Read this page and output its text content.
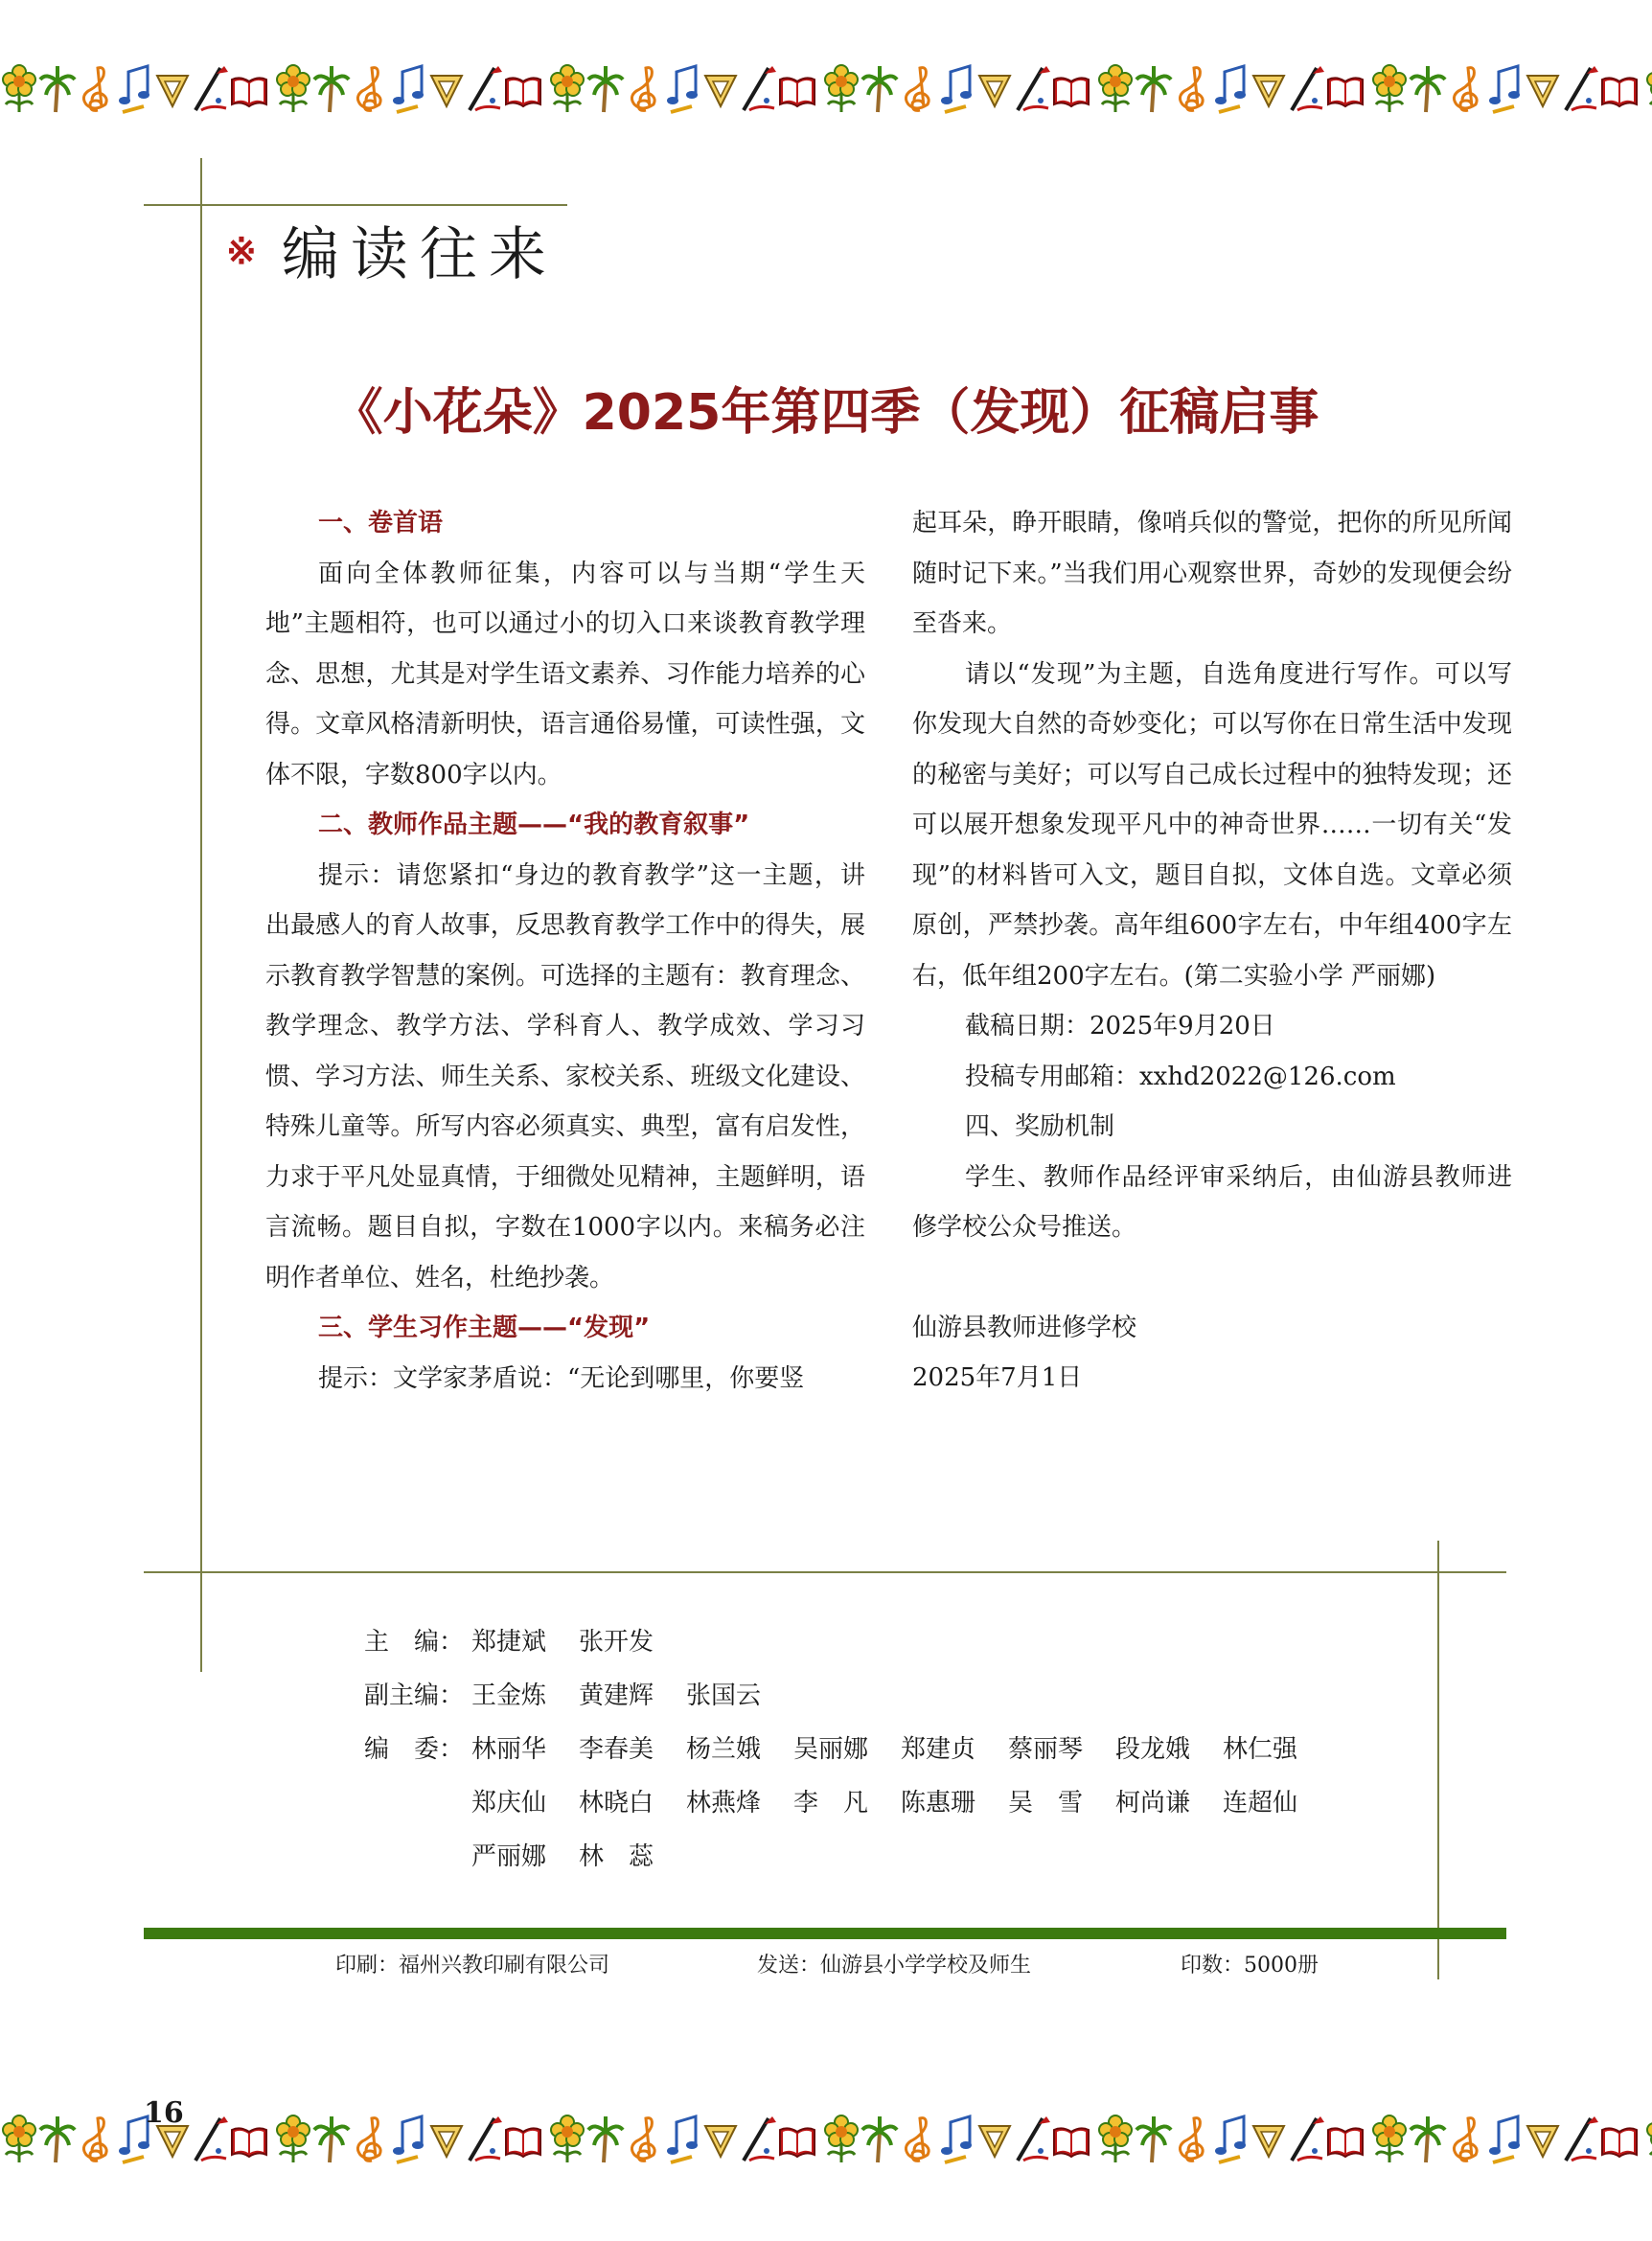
※ 编读往来
《小花朵》2025年第四季（发现）征稿启事

一、卷首语

面向全体教师征集，内容可以与当期“学生天地”主题相符，也可以通过小的切入口来谈教育教学理念、思想，尤其是对学生语文素养、习作能力培养的心得。文章风格清新明快，语言通俗易懂，可读性强，文体不限，字数800字以内。

二、教师作品主题——“我的教育叙事”

提示：请您紧扣“身边的教育教学”这一主题，讲出最感人的育人故事，反思教育教学工作中的得失，展示教育教学智慧的案例。可选择的主题有：教育理念、教学理念、教学方法、学科育人、教学成效、学习习惯、学习方法、师生关系、家校关系、班级文化建设、特殊儿童等。所写内容必须真实、典型，富有启发性，力求于平凡处显真情，于细微处见精神，主题鲜明，语言流畅。题目自拟，字数在1000字以内。来稿务必注明作者单位、姓名，杜绝抄袭。

三、学生习作主题——“发现”

提示：文学家茅盾说：“无论到哪里，你要竖

起耳朵，睁开眼睛，像哨兵似的警觉，把你的所见所闻随时记下来。”当我们用心观察世界，奇妙的发现便会纷至沓来。

请以“发现”为主题，自选角度进行写作。可以写你发现大自然的奇妙变化；可以写你在日常生活中发现的秘密与美好；可以写自己成长过程中的独特发现；还可以展开想象发现平凡中的神奇世界……一切有关“发现”的材料皆可入文，题目自拟，文体自选。文章必须原创，严禁抄袭。高年组600字左右，中年组400字左右，低年组200字左右。(第二实验小学 严丽娜)

截稿日期：2025年9月20日

投稿专用邮箱：xxhd2022@126.com

四、奖励机制

学生、教师作品经评审采纳后，由仙游县教师进修学校公众号推送。

仙游县教师进修学校

2025年7月1日

主　编： 郑捷斌	张开发
副主编： 王金炼	黄建辉	张国云
编　委： 林丽华	李春美	杨兰娥	吴丽娜	郑建贞	蔡丽琴	段龙娥	林仁强
郑庆仙	林晓白	林燕烽	李　凡	陈惠珊	吴　雪	柯尚谦	连超仙
严丽娜	林　蕊
印刷：福州兴教印刷有限公司	发送：仙游县小学学校及师生	印数：5000册
16
